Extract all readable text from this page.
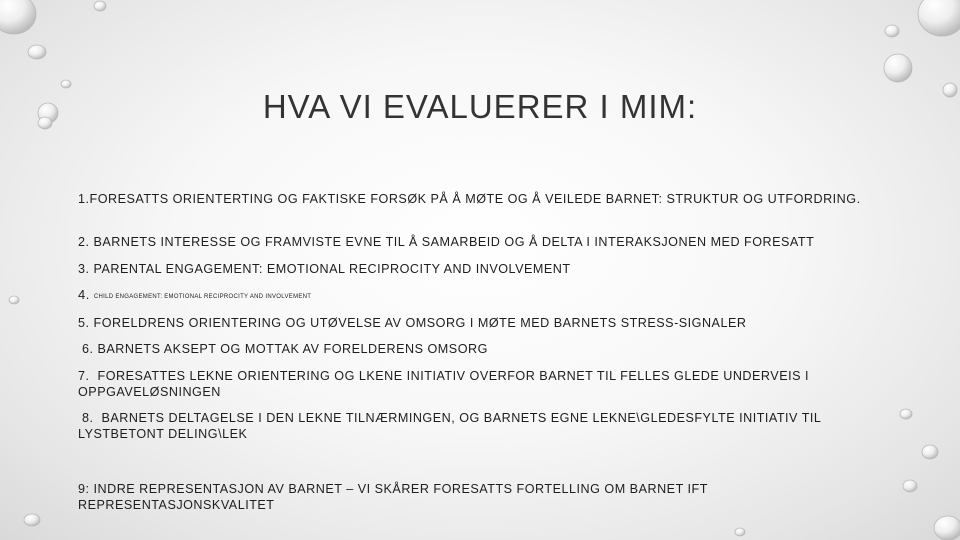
HVA VI EVALUERER I MIM:
1.FORESATTS ORIENTERTING OG FAKTISKE FORSØK PÅ Å MØTE OG Å VEILEDE BARNET: STRUKTUR OG UTFORDRING.
2. BARNETS INTERESSE OG FRAMVISTE EVNE TIL Å SAMARBEID OG Å DELTA I INTERAKSJONEN MED FORESATT
3. PARENTAL ENGAGEMENT: EMOTIONAL RECIPROCITY AND INVOLVEMENT
4. CHILD ENGAGEMENT: EMOTIONAL RECIPROCITY AND INVOLVEMENT
5. FORELDRENS ORIENTERING OG UTØVELSE AV OMSORG I MØTE MED BARNETS STRESS-SIGNALER
6. BARNETS AKSEPT OG MOTTAK AV FORELDERENS OMSORG
7.  FORESATTES LEKNE ORIENTERING OG LKENE INITIATIV OVERFOR BARNET TIL FELLES GLEDE UNDERVEIS I OPPGAVELØSNINGEN
8.  BARNETS DELTAGELSE I DEN LEKNE TILNÆRMINGEN, OG BARNETS EGNE LEKNE\GLEDESFYLTE INITIATIV TIL LYSTBETONT DELING\LEK
9: INDRE REPRESENTASJON AV BARNET – VI SKÅRER FORESATTS FORTELLING OM BARNET IFT REPRESENTASJONSKVALITET
